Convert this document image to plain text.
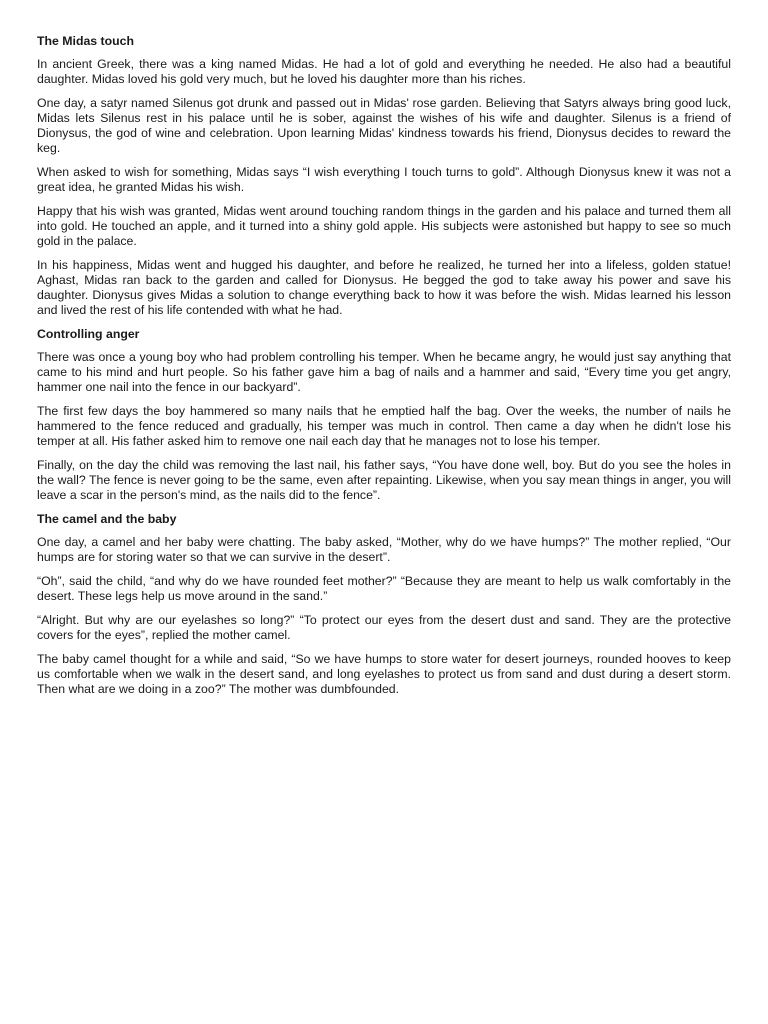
The Midas touch
In ancient Greek, there was a king named Midas. He had a lot of gold and everything he needed. He also had a beautiful daughter. Midas loved his gold very much, but he loved his daughter more than his riches.
One day, a satyr named Silenus got drunk and passed out in Midas' rose garden. Believing that Satyrs always bring good luck, Midas lets Silenus rest in his palace until he is sober, against the wishes of his wife and daughter. Silenus is a friend of Dionysus, the god of wine and celebration. Upon learning Midas' kindness towards his friend, Dionysus decides to reward the keg.
When asked to wish for something, Midas says “I wish everything I touch turns to gold”. Although Dionysus knew it was not a great idea, he granted Midas his wish.
Happy that his wish was granted, Midas went around touching random things in the garden and his palace and turned them all into gold. He touched an apple, and it turned into a shiny gold apple. His subjects were astonished but happy to see so much gold in the palace.
In his happiness, Midas went and hugged his daughter, and before he realized, he turned her into a lifeless, golden statue! Aghast, Midas ran back to the garden and called for Dionysus. He begged the god to take away his power and save his daughter. Dionysus gives Midas a solution to change everything back to how it was before the wish. Midas learned his lesson and lived the rest of his life contended with what he had.
Controlling anger
There was once a young boy who had problem controlling his temper. When he became angry, he would just say anything that came to his mind and hurt people. So his father gave him a bag of nails and a hammer and said, “Every time you get angry, hammer one nail into the fence in our backyard”.
The first few days the boy hammered so many nails that he emptied half the bag. Over the weeks, the number of nails he hammered to the fence reduced and gradually, his temper was much in control. Then came a day when he didn't lose his temper at all. His father asked him to remove one nail each day that he manages not to lose his temper.
Finally, on the day the child was removing the last nail, his father says, “You have done well, boy. But do you see the holes in the wall? The fence is never going to be the same, even after repainting. Likewise, when you say mean things in anger, you will leave a scar in the person's mind, as the nails did to the fence”.
The camel and the baby
One day, a camel and her baby were chatting. The baby asked, “Mother, why do we have humps?” The mother replied, “Our humps are for storing water so that we can survive in the desert”.
“Oh”, said the child, “and why do we have rounded feet mother?” “Because they are meant to help us walk comfortably in the desert. These legs help us move around in the sand.”
“Alright. But why are our eyelashes so long?” “To protect our eyes from the desert dust and sand. They are the protective covers for the eyes”, replied the mother camel.
The baby camel thought for a while and said, “So we have humps to store water for desert journeys, rounded hooves to keep us comfortable when we walk in the desert sand, and long eyelashes to protect us from sand and dust during a desert storm. Then what are we doing in a zoo?” The mother was dumbfounded.
